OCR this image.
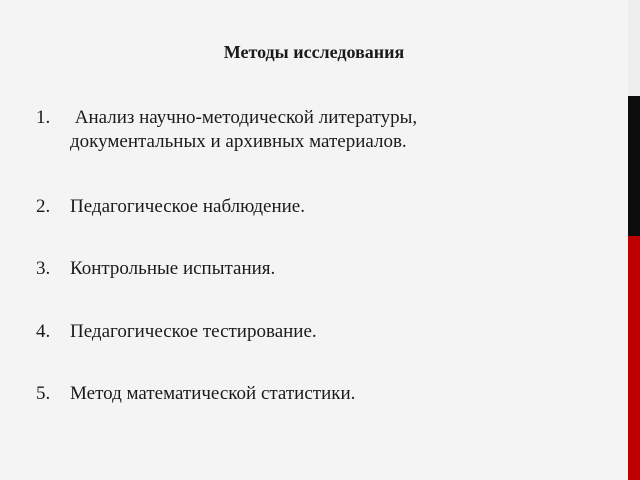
Методы исследования
1.	Анализ научно-методической литературы, документальных и архивных материалов.
2.	Педагогическое наблюдение.
3.	Контрольные испытания.
4.	Педагогическое тестирование.
5.	Метод математической статистики.
